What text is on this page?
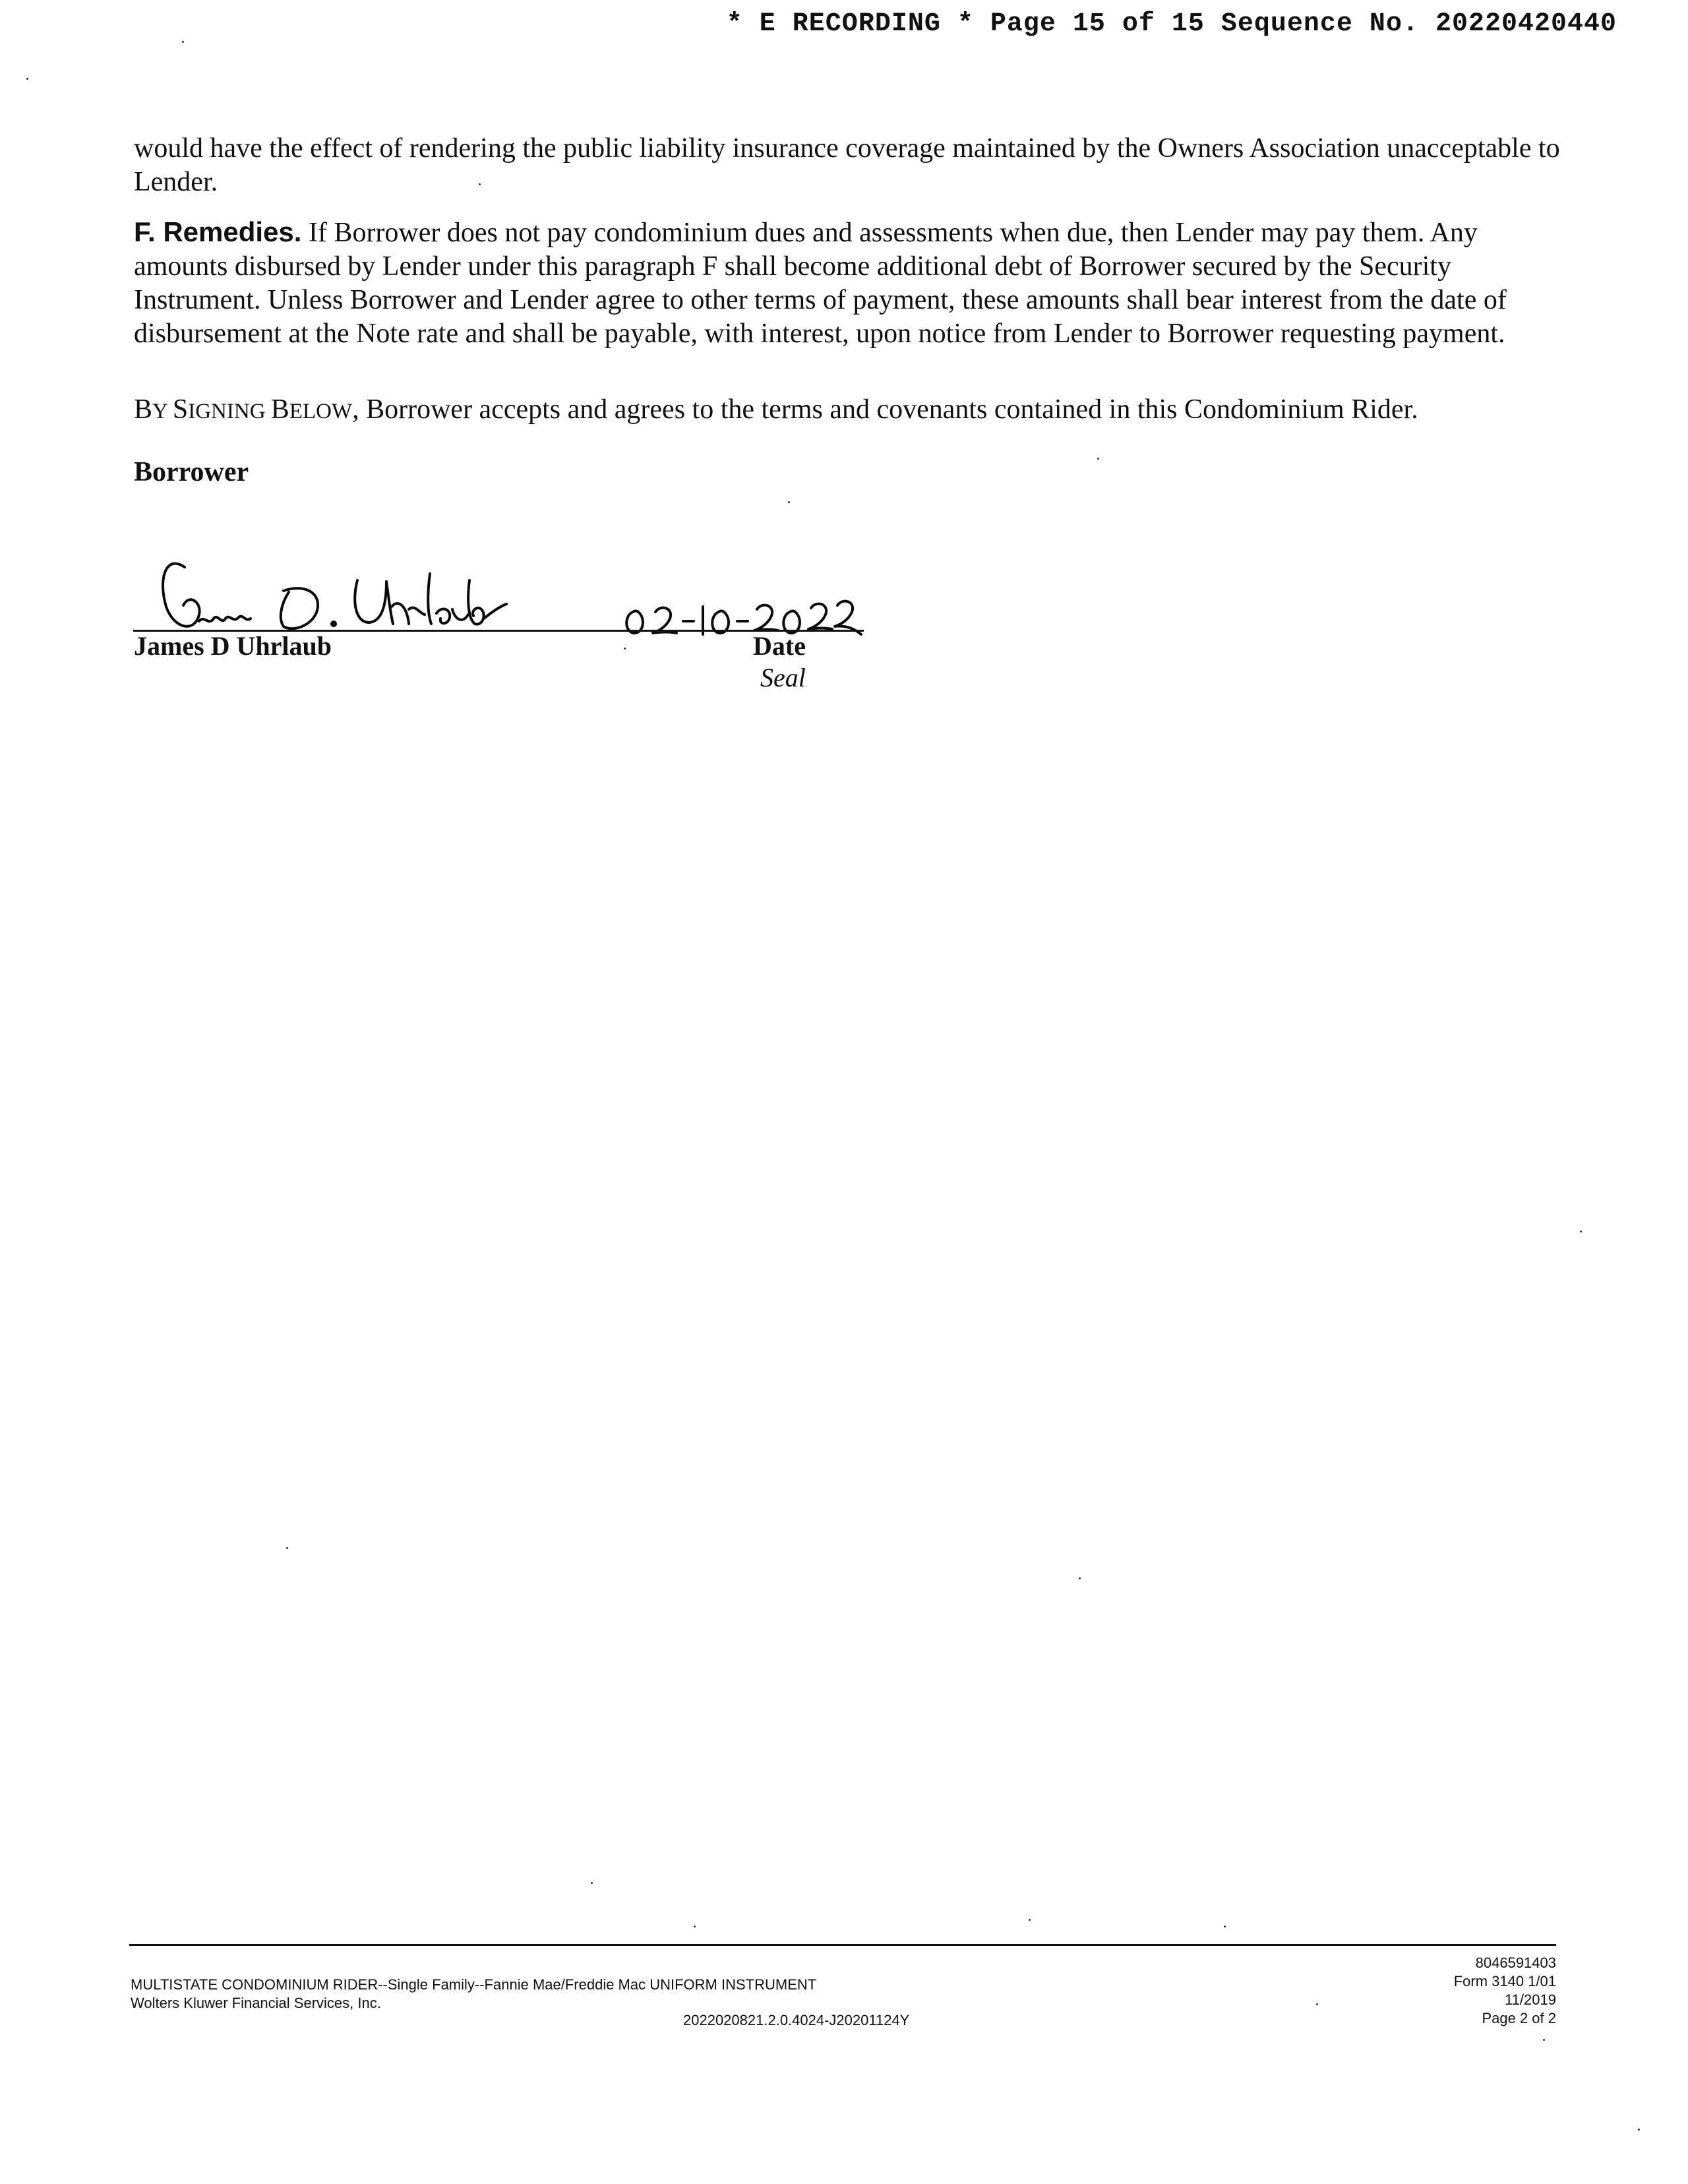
* E RECORDING * Page 15 of 15 Sequence No. 20220420440
would have the effect of rendering the public liability insurance coverage maintained by the Owners Association unacceptable to Lender.
F. Remedies. If Borrower does not pay condominium dues and assessments when due, then Lender may pay them. Any amounts disbursed by Lender under this paragraph F shall become additional debt of Borrower secured by the Security Instrument. Unless Borrower and Lender agree to other terms of payment, these amounts shall bear interest from the date of disbursement at the Note rate and shall be payable, with interest, upon notice from Lender to Borrower requesting payment.
BY SIGNING BELOW, Borrower accepts and agrees to the terms and covenants contained in this Condominium Rider.
Borrower
James D Uhrlaub	Date
Seal
MULTISTATE CONDOMINIUM RIDER--Single Family--Fannie Mae/Freddie Mac UNIFORM INSTRUMENT
Wolters Kluwer Financial Services, Inc.
2022020821.2.0.4024-J20201124Y
8046591403
Form 3140 1/01
11/2019
Page 2 of 2
